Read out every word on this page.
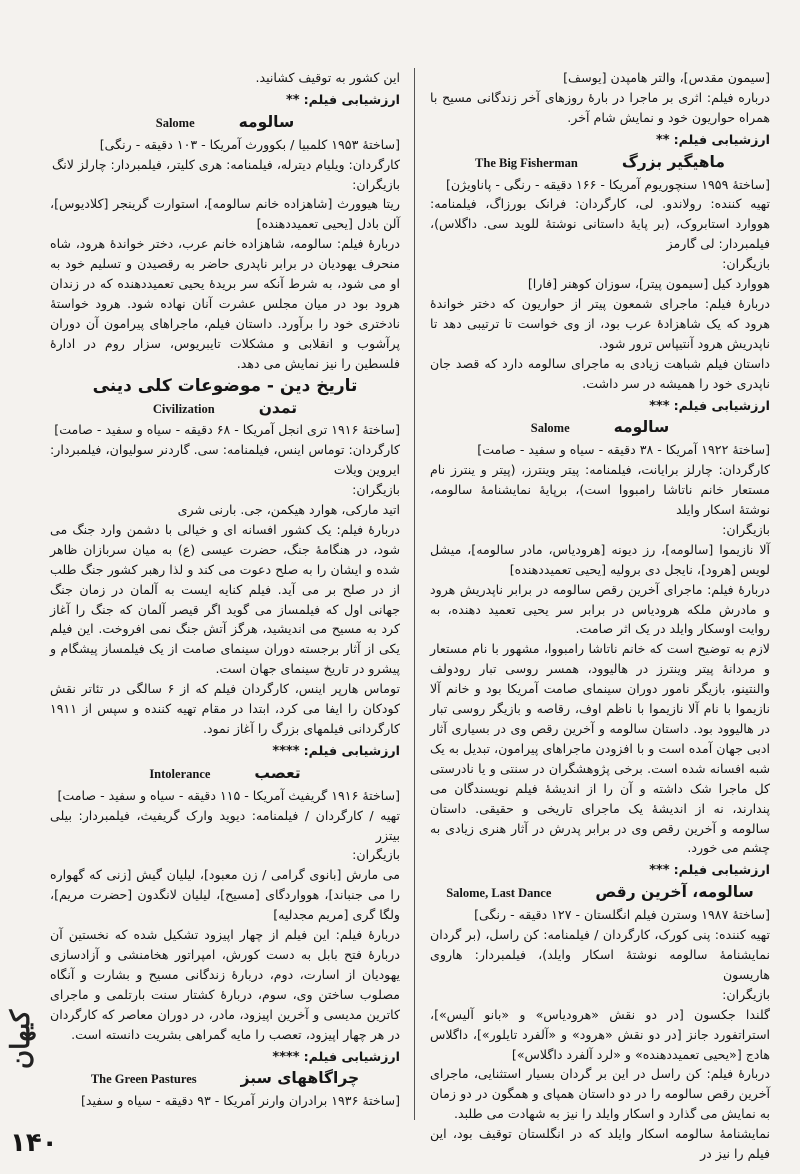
[سیمون مقدس]، والتر هامپدن [یوسف]

درباره فیلم: اثری بر ماجرا در بارهٔ روزهای آخر زندگانی مسیح با همراه حواریون خود و نمایش شام آخر.

ارزشیابی فیلم: **
ماهیگیر بزرگ
The Big Fisherman

[ساختهٔ ۱۹۵۹ سنچوریوم آمریکا - ۱۶۶ دقیقه - رنگی - پاناویژن]

تهیه کننده: رولاندو. لی، کارگردان: فرانک بورزاگ، فیلمنامه: هووارد استابروک، (بر پایهٔ داستانی نوشتهٔ للوید سی. داگلاس)، فیلمبردار: لی گارمز

بازیگران:

هووارد کیل [سیمون پیتر]، سوزان کوهنر [فارا]

دربارهٔ فیلم: ماجرای شمعون پیتر از حواریون که دختر خواندهٔ هرود که یک شاهزادهٔ عرب بود، از وی خواست تا ترتیبی دهد تا ناپدریش هرود آنتیپاس ترور شود.

داستان فیلم شباهت زیادی به ماجرای سالومه دارد که قصد جان ناپدری خود را همیشه در سر داشت.

ارزشیابی فیلم: ***
سالومه
Salome

[ساختهٔ ۱۹۲۲ آمریکا - ۳۸ دقیقه - سیاه و سفید - صامت]

کارگردان: چارلز برایانت، فیلمنامه: پیتر وینترز، (پیتر و ینترز نام مستعار خانم ناتاشا رامبووا است)، برپایهٔ نمایشنامهٔ سالومه، نوشتهٔ اسکار وایلد

بازیگران:

آلا نازیموا [سالومه]، رز دیونه [هرودیاس، مادر سالومه]، میشل لویس [هرود]، نایجل دی برولیه [یحیی تعمیددهنده]

دربارهٔ فیلم: ماجرای آخرین رقص سالومه در برابر ناپدریش هرود و مادرش ملکه هرودیاس در برابر سر یحیی تعمید دهنده، به روایت اوسکار وایلد در یک اثر صامت.

لازم به توضیح است که خانم ناتاشا رامبووا، مشهور با نام مستعار و مردانهٔ پیتر وینترز در هالیوود، همسر روسی تبار رودولف والنتینو، بازیگر نامور دوران سینمای صامت آمریکا بود و خانم آلا نازیموا با نام آلا نازیموا با ناظم اوف، رقاصه و بازیگر روسی تبار در هالیوود بود. داستان سالومه و آخرین رقص وی در بسیاری آثار ادبی جهان آمده است و با افزودن ماجراهای پیرامون، تبدیل به یک شبه افسانه شده است. برخی پژوهشگران در سنتی و یا نادرستی کل ماجرا شک داشته و آن را از اندیشهٔ فیلم نویسندگان می پندارند، نه از اندیشهٔ یک ماجرای تاریخی و حقیقی. داستان سالومه و آخرین رقص وی در برابر پدرش در آثار هنری زیادی به چشم می خورد.

ارزشیابی فیلم: ***
سالومه، آخرین رقص
Salome, Last Dance

[ساختهٔ ۱۹۸۷ وسترن فیلم انگلستان - ۱۲۷ دقیقه - رنگی]

تهیه کننده: پنی کورک، کارگردان / فیلمنامه: کن راسل، (بر گردان نمایشنامهٔ سالومه نوشتهٔ اسکار وایلد)، فیلمبردار: هاروی هاریسون

بازیگران:

گلندا جکسون [در دو نقش «هرودیاس» و «بانو آلیس»]، استراتفورد جانز [در دو نقش «هرود» و «آلفرد تایلور»]، داگلاس هادج [«یحیی تعمیددهنده» و «لرد آلفرد داگلاس»]

دربارهٔ فیلم: کن راسل در این بر گردان بسیار استثنایی، ماجرای آخرین رقص سالومه را در دو داستان همپای و همگون در دو زمان به نمایش می گذارد و اسکار وایلد را نیز به شهادت می طلبد.

نمایشنامهٔ سالومه اسکار وایلد که در انگلستان توقیف بود، این فیلم را نیز در

این کشور به توقیف کشانید.

ارزشیابی فیلم: **
سالومه
Salome

[ساختهٔ ۱۹۵۳ کلمبیا / بکوورث آمریکا - ۱۰۳ دقیقه - رنگی]

کارگردان: ویلیام دیترله، فیلمنامه: هری کلیتر، فیلمبردار: چارلز لانگ

بازیگران:

ریتا هیوورث [شاهزاده خانم سالومه]، استوارت گرینجر [کلادیوس]، آلن بادل [یحیی تعمیددهنده]

دربارهٔ فیلم: سالومه، شاهزاده خانم عرب، دختر خواندهٔ هرود، شاه منحرف یهودیان در برابر ناپدری حاضر به رقصیدن و تسلیم خود به او می شود، به شرط آنکه سر بریدهٔ یحیی تعمیددهنده که در زندان هرود بود در میان مجلس عشرت آنان نهاده شود. هرود خواستهٔ نادختری خود را برآورد. داستان فیلم، ماجراهای پیرامون آن دوران پرآشوب و انقلابی و مشکلات تایبریوس، سزار روم در ادارهٔ فلسطین را نیز نمایش می دهد.

تاریخ دین - موضوعات کلی دینی
تمدن
Civilization

[ساختهٔ ۱۹۱۶ تری انجل آمریکا - ۶۸ دقیقه - سیاه و سفید - صامت]

کارگردان: توماس اینس، فیلمنامه: سی. گاردنر سولیوان، فیلمبردار: ایروین ویلات

بازیگران:

اتید مارکی، هوارد هیکمن، جی. بارنی شری

دربارهٔ فیلم: یک کشور افسانه ای و خیالی با دشمن وارد جنگ می شود، در هنگامهٔ جنگ، حضرت عیسی (ع) به میان سربازان ظاهر شده و ایشان را به صلح دعوت می کند و لذا رهبر کشور جنگ طلب از در صلح بر می آید. فیلم کنایه ایست به آلمان در زمان جنگ جهانی اول که فیلمساز می گوید اگر قیصر آلمان که جنگ را آغاز کرد به مسیح می اندیشید، هرگز آتش جنگ نمی افروخت. این فیلم یکی از آثار برجسته دوران سینمای صامت از یک فیلمساز پیشگام و پیشرو در تاریخ سینمای جهان است.

توماس هارپر اینس، کارگردان فیلم که از ۶ سالگی در تئاتر نقش کودکان را ایفا می کرد، ابتدا در مقام تهیه کننده و سپس از ۱۹۱۱ کارگردانی فیلمهای بزرگ را آغاز نمود.

ارزشیابی فیلم: ****
تعصب
Intolerance

[ساختهٔ ۱۹۱۶ گریفیث آمریکا - ۱۱۵ دقیقه - سیاه و سفید - صامت]

تهیه / کارگردان / فیلمنامه: دیوید وارک گریفیث، فیلمبردار: بیلی بیتزر

بازیگران:

می مارش [بانوی گرامی / زن معبود]، لیلیان گیش [زنی که گهواره را می جنباند]، هوواردگای [مسیح]، لیلیان لانگدون [حضرت مریم]، ولگا گری [مریم مجدلیه]

دربارهٔ فیلم: این فیلم از چهار اپیزود تشکیل شده که نخستین آن دربارهٔ فتح بابل به دست کورش، امپراتور هخامنشی و آزادسازی یهودیان از اسارت، دوم، دربارهٔ زندگانی مسیح و بشارت و آنگاه مصلوب ساختن وی، سوم، دربارهٔ کشتار سنت بارتلمی و ماجرای کاترین مدیسی و آخرین اپیزود، مادر، در دوران معاصر که کارگردان در هر چهار اپیزود، تعصب را مایه گمراهی بشریت دانسته است.

ارزشیابی فیلم: ****
چراگاههای سبز
The Green Pastures

[ساختهٔ ۱۹۳۶ برادران وارنر آمریکا - ۹۳ دقیقه - سیاه و سفید]

کیهان
۱۴۰
